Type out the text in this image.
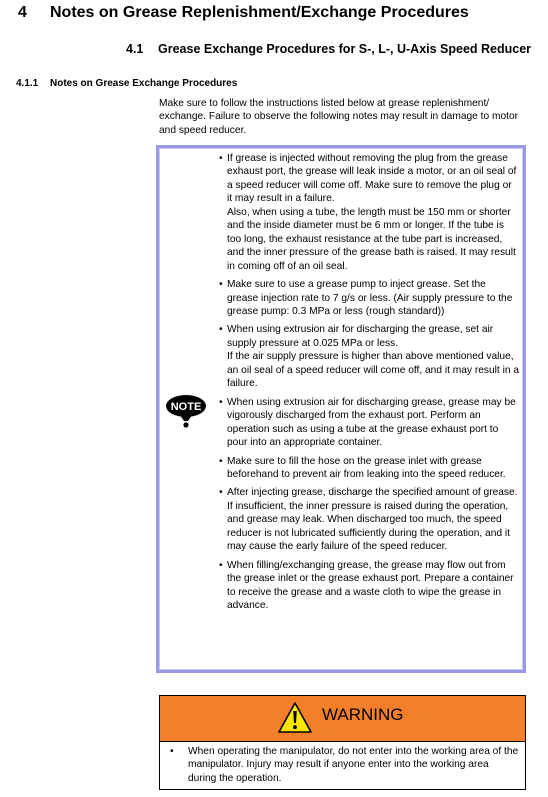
4 Notes on Grease Replenishment/Exchange Procedures
4.1 Grease Exchange Procedures for S-, L-, U-Axis Speed Reducer
4.1.1 Notes on Grease Exchange Procedures
Make sure to follow the instructions listed below at grease replenishment/ exchange. Failure to observe the following notes may result in damage to motor and speed reducer.
NOTE
• If grease is injected without removing the plug from the grease exhaust port, the grease will leak inside a motor, or an oil seal of a speed reducer will come off. Make sure to remove the plug or it may result in a failure.

Also, when using a tube, the length must be 150 mm or shorter and the inside diameter must be 6 mm or longer. If the tube is too long, the exhaust resistance at the tube part is increased, and the inner pressure of the grease bath is raised. It may result in coming off of an oil seal.

• Make sure to use a grease pump to inject grease. Set the grease injection rate to 7 g/s or less. (Air supply pressure to the grease pump: 0.3 MPa or less (rough standard))

• When using extrusion air for discharging the grease, set air supply pressure at 0.025 MPa or less.

If the air supply pressure is higher than above mentioned value, an oil seal of a speed reducer will come off, and it may result in a failure.

• When using extrusion air for discharging grease, grease may be vigorously discharged from the exhaust port. Perform an operation such as using a tube at the grease exhaust port to pour into an appropriate container.

• Make sure to fill the hose on the grease inlet with grease beforehand to prevent air from leaking into the speed reducer.

• After injecting grease, discharge the specified amount of grease. If insufficient, the inner pressure is raised during the operation, and grease may leak. When discharged too much, the speed reducer is not lubricated sufficiently during the operation, and it may cause the early failure of the speed reducer.

• When filling/exchanging grease, the grease may flow out from the grease inlet or the grease exhaust port. Prepare a container to receive the grease and a waste cloth to wipe the grease in advance.

WARNING
• When operating the manipulator, do not enter into the working area of the manipulator. Injury may result if anyone enter into the working area during the operation.
